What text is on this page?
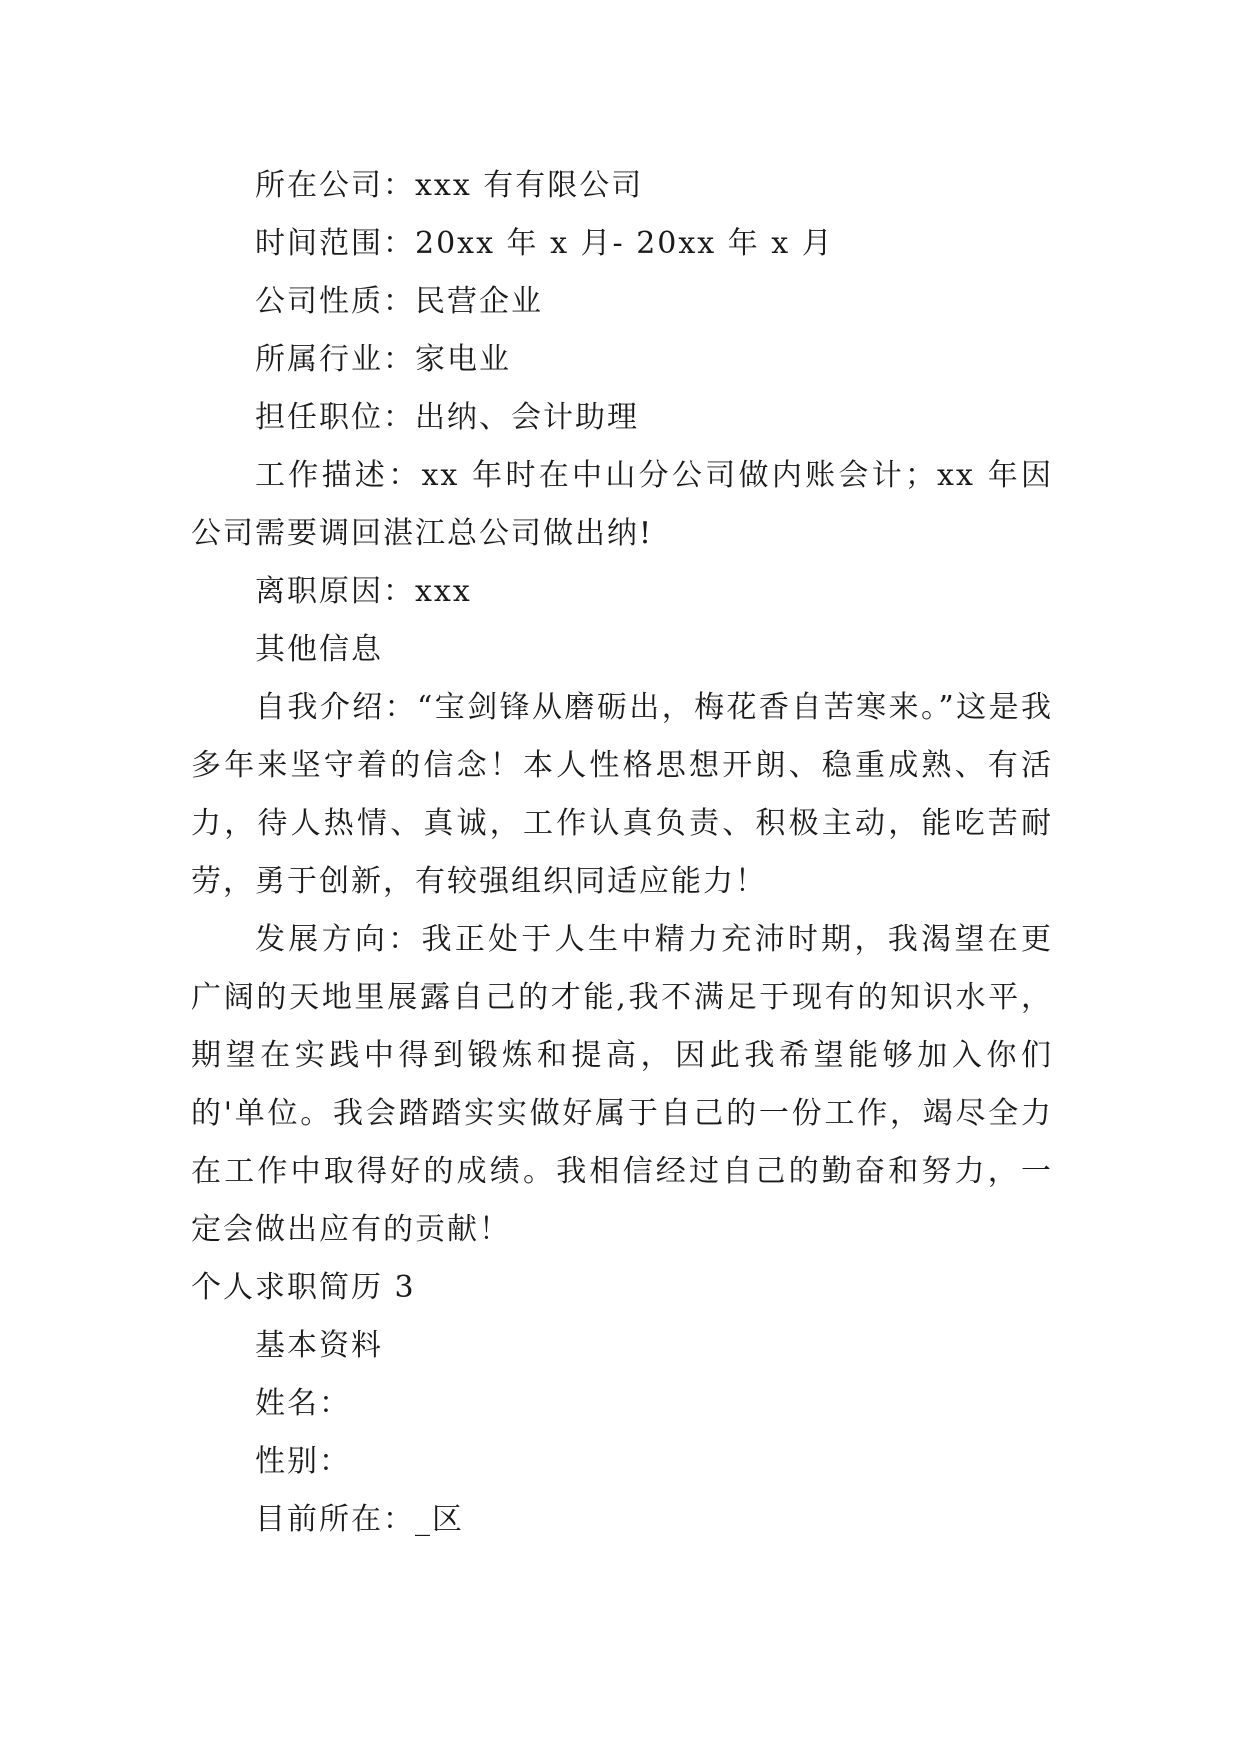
所在公司：xxx 有有限公司

时间范围：20xx 年 x 月- 20xx 年 x 月

公司性质：民营企业

所属行业：家电业

担任职位：出纳、会计助理

工作描述：xx 年时在中山分公司做内账会计；xx 年因公司需要调回湛江总公司做出纳!

离职原因：xxx

其他信息

自我介绍：“宝剑锋从磨砺出，梅花香自苦寒来。”这是我多年来坚守着的信念！本人性格思想开朗、稳重成熟、有活力，待人热情、真诚，工作认真负责、积极主动，能吃苦耐劳，勇于创新，有较强组织同适应能力！

发展方向：我正处于人生中精力充沛时期，我渴望在更广阔的天地里展露自己的才能,我不满足于现有的知识水平，期望在实践中得到锻炼和提高，因此我希望能够加入你们的'单位。我会踏踏实实做好属于自己的一份工作，竭尽全力在工作中取得好的成绩。我相信经过自己的勤奋和努力，一定会做出应有的贡献！

个人求职简历 3

基本资料

姓名：

性别：

目前所在：_区
